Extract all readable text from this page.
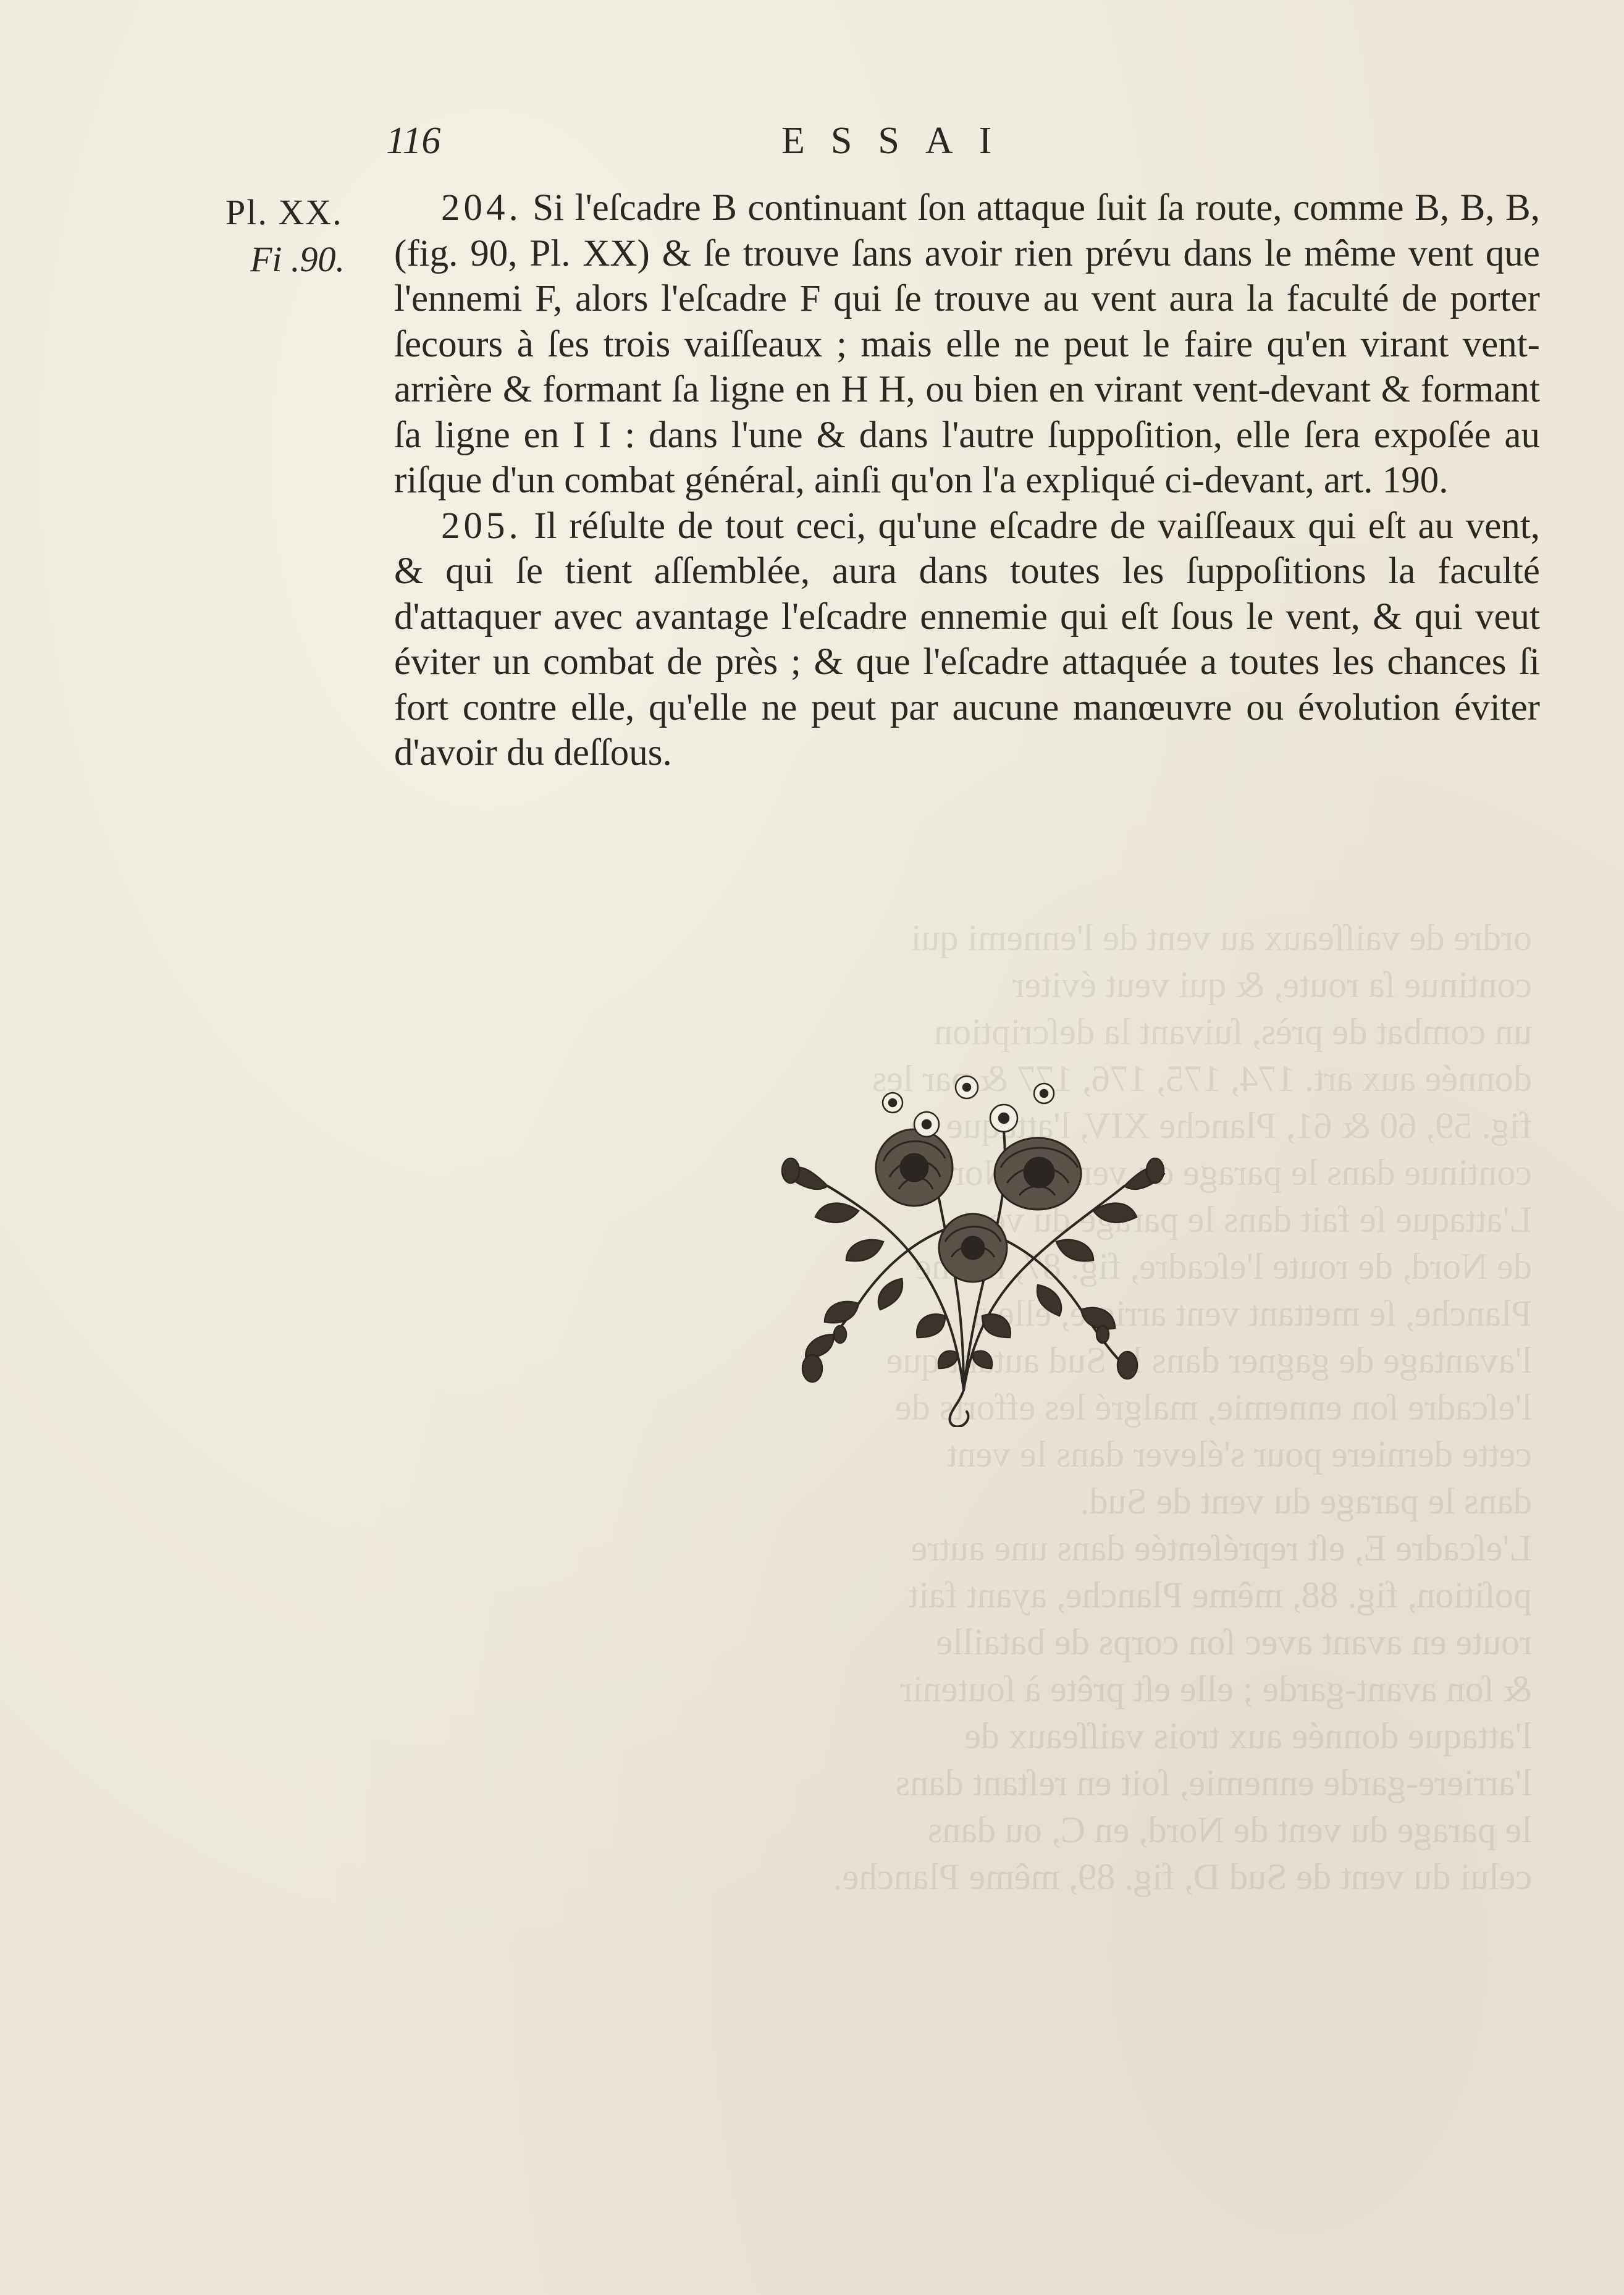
ordre de vaiſſeaux au vent de l'ennemi qui

continue ſa route, & qui veut éviter

un combat de près, ſuivant la deſcription

donnée aux art. 174, 175, 176, 177 & par les

fig. 59, 60 & 61, Planche XIV, l'attaque ſe

continue dans le parage du vent de Nord.

L'attaque ſe fait dans le parage du vent

de Nord, de route l'eſcadre, fig. 87, même

Planche, ſe mettant vent arriere, elle a

l'avantage de gagner dans le Sud autant que

l'eſcadre ſon ennemie, malgré les efforts de

cette derniere pour s'élever dans le vent

dans le parage du vent de Sud.

L'eſcadre E, eſt repréſentée dans une autre

poſition, fig. 88, même Planche, ayant fait

route en avant avec ſon corps de bataille

& ſon avant-garde ; elle eſt prête à ſoutenir

l'attaque donnée aux trois vaiſſeaux de

l'arriere-garde ennemie, ſoit en reſtant dans

le parage du vent de Nord, en C, ou dans

celui du vent de Sud D, fig. 89, même Planche.

116	ESSAI
Pl. XX.
Fi .90.

204. Si l'eſcadre B continuant ſon attaque ſuit ſa route, comme B, B, B, (fig. 90, Pl. XX) & ſe trouve ſans avoir rien prévu dans le même vent que l'ennemi F, alors l'eſcadre F qui ſe trouve au vent aura la faculté de porter ſecours à ſes trois vaiſſeaux ; mais elle ne peut le faire qu'en virant vent-arrière & formant ſa ligne en H H, ou bien en virant vent-devant & formant ſa ligne en I I : dans l'une & dans l'autre ſuppoſition, elle ſera expoſée au riſque d'un combat général, ainſi qu'on l'a expliqué ci-devant, art. 190.

205. Il réſulte de tout ceci, qu'une eſcadre de vaiſſeaux qui eſt au vent, & qui ſe tient aſſemblée, aura dans toutes les ſuppoſitions la faculté d'attaquer avec avantage l'eſcadre ennemie qui eſt ſous le vent, & qui veut éviter un combat de près ; & que l'eſcadre attaquée a toutes les chances ſi fort contre elle, qu'elle ne peut par aucune manœuvre ou évolution éviter d'avoir du deſſous.
